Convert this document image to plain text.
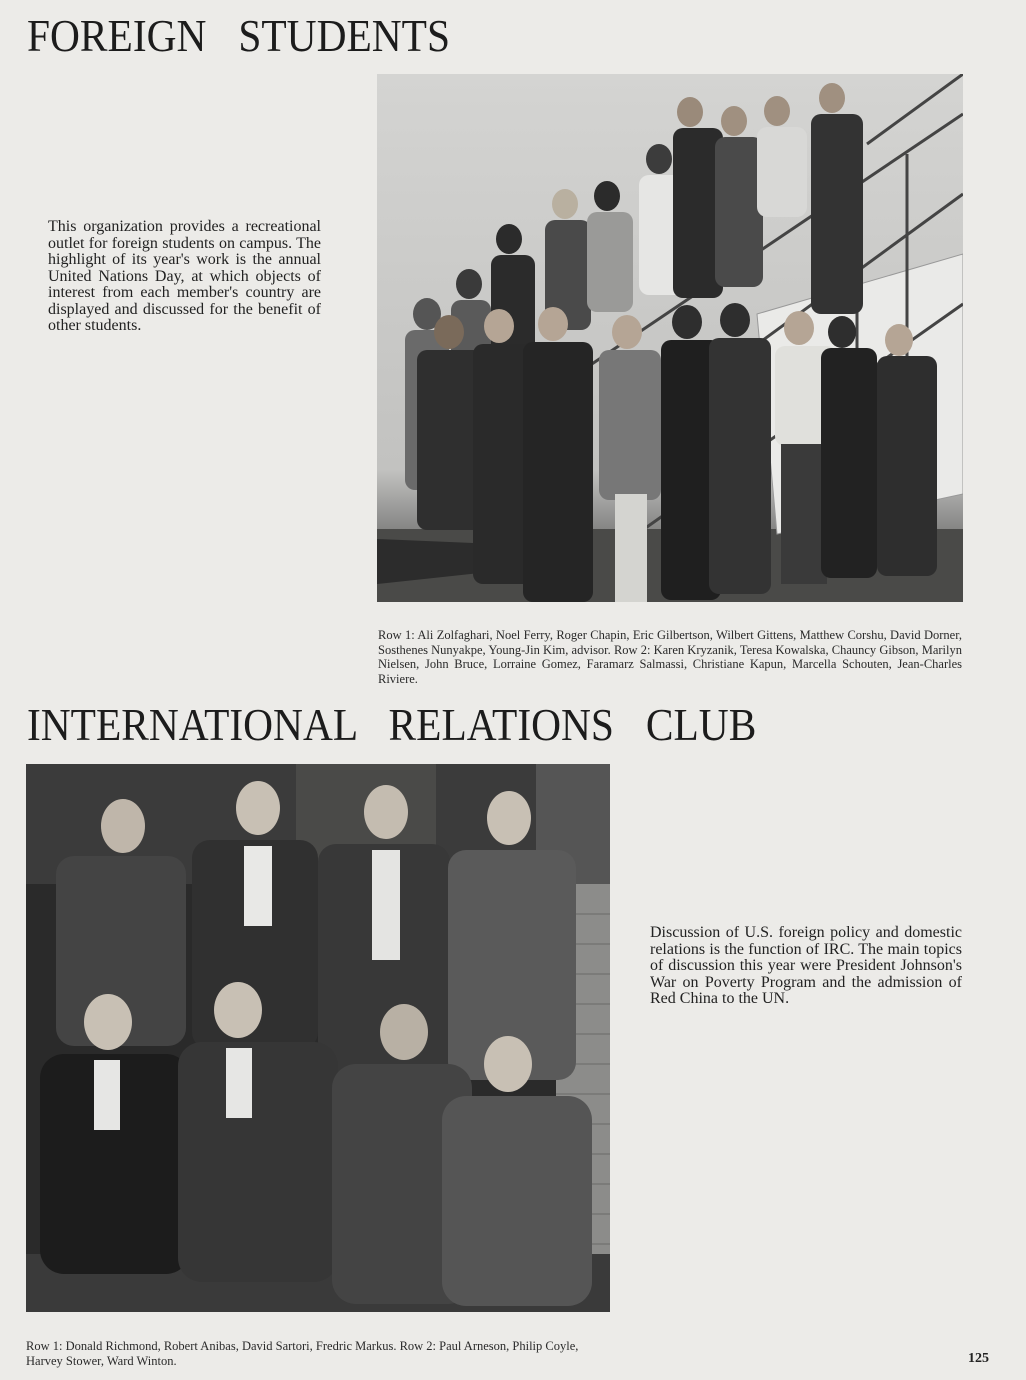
FOREIGN STUDENTS

This organization provides a recreational outlet for foreign students on campus. The highlight of its year's work is the annual United Nations Day, at which objects of interest from each member's country are displayed and discussed for the benefit of other students.

Row 1: Ali Zolfaghari, Noel Ferry, Roger Chapin, Eric Gilbertson, Wilbert Gittens, Matthew Corshu, David Dorner, Sosthenes Nunyakpe, Young-Jin Kim, advisor. Row 2: Karen Kryzanik, Teresa Kowalska, Chauncy Gibson, Marilyn Nielsen, John Bruce, Lorraine Gomez, Faramarz Salmassi, Christiane Kapun, Marcella Schouten, Jean-Charles Riviere.

INTERNATIONAL RELATIONS CLUB

Discussion of U.S. foreign policy and domestic relations is the function of IRC. The main topics of discussion this year were President Johnson's War on Poverty Program and the admission of Red China to the UN.

Row 1: Donald Richmond, Robert Anibas, David Sartori, Fredric Markus. Row 2: Paul Arneson, Philip Coyle, Harvey Stower, Ward Winton.	125
